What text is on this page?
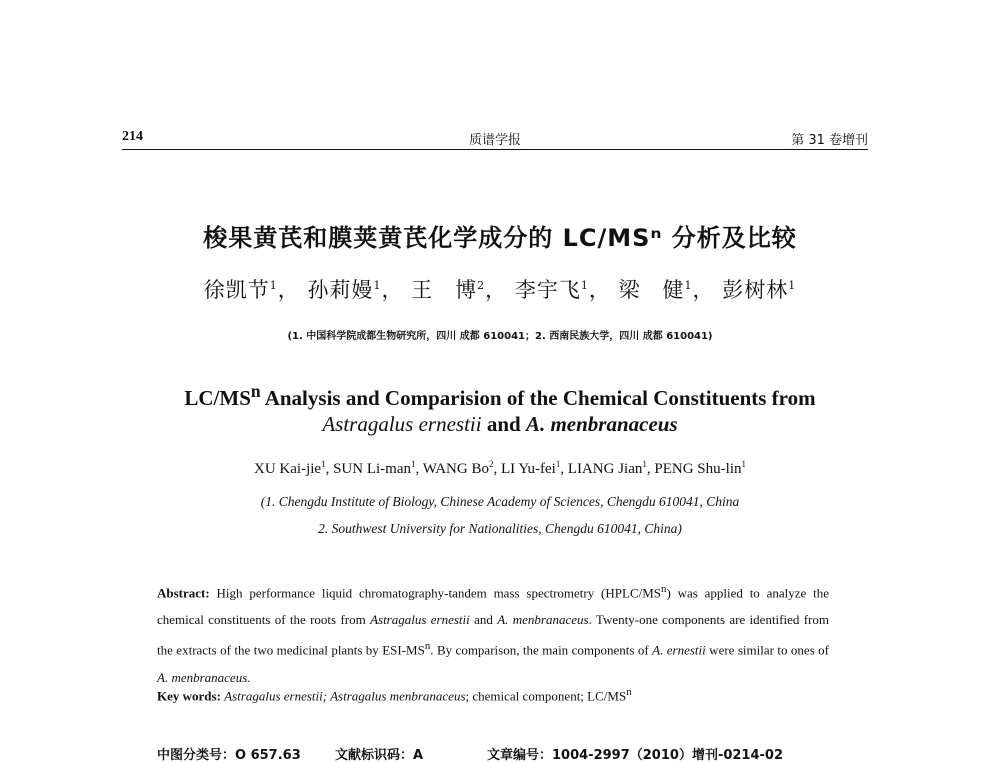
214	质谱学报	第 31 卷增刊
梭果黄芪和膜荚黄芪化学成分的 LC/MSⁿ 分析及比较
徐凯节$^1$， 孙莉嫚$^1$， 王　博$^2$， 李宇飞$^1$， 梁　健$^1$， 彭树林$^1$
(1. 中国科学院成都生物研究所，四川 成都 610041；2. 西南民族大学，四川 成都 610041)
$LC/MS^n$ Analysis and Comparision of the Chemical Constituents from
Astragalus ernestii and A. menbranaceus
XU Kai-jie$^1$, SUN Li-man$^1$, WANG Bo$^2$, LI Yu-fei$^1$, LIANG Jian$^1$, PENG Shu-lin$^1$
(1. Chengdu Institute of Biology, Chinese Academy of Sciences, Chengdu 610041, China
2. Southwest University for Nationalities, Chengdu 610041, China)
Abstract: High performance liquid chromatography-tandem mass spectrometry $(HPLC/MS^n)$ was applied to analyze the chemical constituents of the roots from Astragalus ernestii and A. menbranaceus. Twenty-one components are identified from the extracts of the two medicinal plants by ESI-$MS^n$. By comparison, the main components of A. ernestii were similar to ones of A. menbranaceus.
Key words: Astragalus ernestii; Astragalus menbranaceus; chemical component; $LC/MS^n$
中图分类号：O 657.63	文献标识码：A	文章编号：1004-2997（2010）增刊-0214-02
